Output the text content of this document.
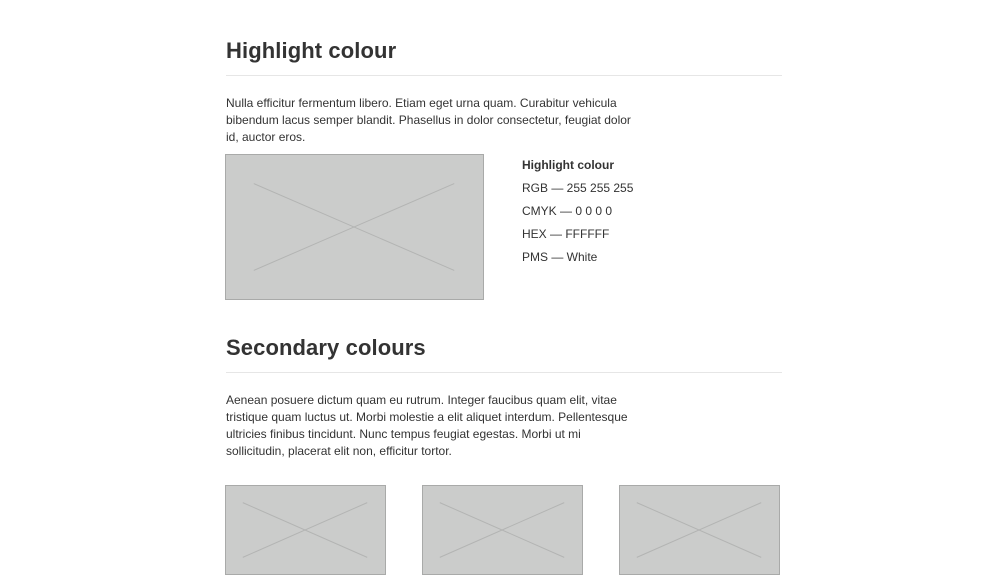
Highlight colour

Nulla efficitur fermentum libero. Etiam eget urna quam. Curabitur vehicula bibendum lacus semper blandit. Phasellus in dolor consectetur, feugiat dolor id, auctor eros.

Highlight colour
RGB — 255 255 255
CMYK — 0 0 0 0
HEX — FFFFFF
PMS — White
Secondary colours

Aenean posuere dictum quam eu rutrum. Integer faucibus quam elit, vitae tristique quam luctus ut. Morbi molestie a elit aliquet interdum. Pellentesque ultricies finibus tincidunt. Nunc tempus feugiat egestas. Morbi ut mi sollicitudin, placerat elit non, efficitur tortor.
